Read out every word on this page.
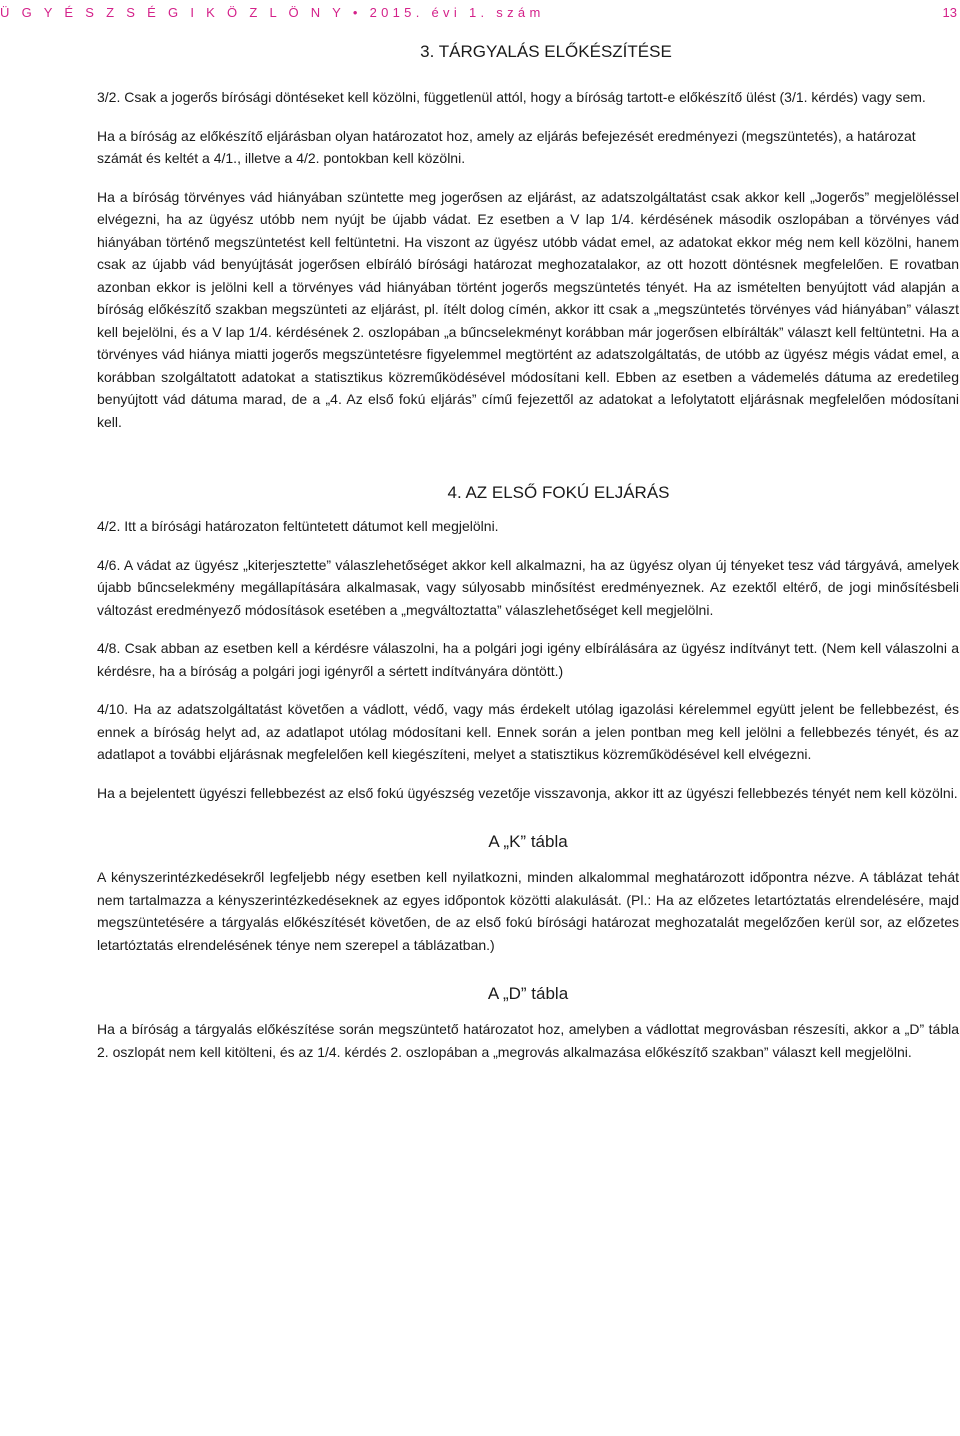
Ü G Y É S Z S É G I K Ö Z L Ö N Y • 2015. évi 1. szám	13
3. TÁRGYALÁS ELŐKÉSZÍTÉSE

3/2. Csak a jogerős bírósági döntéseket kell közölni, függetlenül attól, hogy a bíróság tartott-e előkészítő ülést (3/1. kérdés) vagy sem.

Ha a bíróság az előkészítő eljárásban olyan határozatot hoz, amely az eljárás befejezését eredményezi (megszüntetés), a határozat számát és keltét a 4/1., illetve a 4/2. pontokban kell közölni.

Ha a bíróság törvényes vád hiányában szüntette meg jogerősen az eljárást, az adatszolgáltatást csak akkor kell „Jogerős” megjelöléssel elvégezni, ha az ügyész utóbb nem nyújt be újabb vádat. Ez esetben a V lap 1/4. kérdésének második oszlopában a törvényes vád hiányában történő megszüntetést kell feltüntetni. Ha viszont az ügyész utóbb vádat emel, az adatokat ekkor még nem kell közölni, hanem csak az újabb vád benyújtását jogerősen elbíráló bírósági határozat meghozatalakor, az ott hozott döntésnek megfelelően. E rovatban azonban ekkor is jelölni kell a törvényes vád hiányában történt jogerős megszüntetés tényét. Ha az ismételten benyújtott vád alapján a bíróság előkészítő szakban megszünteti az eljárást, pl. ítélt dolog címén, akkor itt csak a „megszüntetés törvényes vád hiányában” választ kell bejelölni, és a V lap 1/4. kérdésének 2. oszlopában „a bűncselekményt korábban már jogerősen elbírálták” választ kell feltüntetni. Ha a törvényes vád hiánya miatti jogerős megszüntetésre figyelemmel megtörtént az adatszolgáltatás, de utóbb az ügyész mégis vádat emel, a korábban szolgáltatott adatokat a statisztikus közreműködésével módosítani kell. Ebben az esetben a vádemelés dátuma az eredetileg benyújtott vád dátuma marad, de a „4. Az első fokú eljárás” című fejezettől az adatokat a lefolytatott eljárásnak megfelelően módosítani kell.

4. AZ ELSŐ FOKÚ ELJÁRÁS

4/2. Itt a bírósági határozaton feltüntetett dátumot kell megjelölni.

4/6. A vádat az ügyész „kiterjesztette” válaszlehetőséget akkor kell alkalmazni, ha az ügyész olyan új tényeket tesz vád tárgyává, amelyek újabb bűncselekmény megállapítására alkalmasak, vagy súlyosabb minősítést eredményeznek. Az ezektől eltérő, de jogi minősítésbeli változást eredményező módosítások esetében a „megváltoztatta” válaszlehetőséget kell megjelölni.

4/8. Csak abban az esetben kell a kérdésre válaszolni, ha a polgári jogi igény elbírálására az ügyész indítványt tett. (Nem kell válaszolni a kérdésre, ha a bíróság a polgári jogi igényről a sértett indítványára döntött.)

4/10. Ha az adatszolgáltatást követően a vádlott, védő, vagy más érdekelt utólag igazolási kérelemmel együtt jelent be fellebbezést, és ennek a bíróság helyt ad, az adatlapot utólag módosítani kell. Ennek során a jelen pontban meg kell jelölni a fellebbezés tényét, és az adatlapot a további eljárásnak megfelelően kell kiegészíteni, melyet a statisztikus közreműködésével kell elvégezni.

Ha a bejelentett ügyészi fellebbezést az első fokú ügyészség vezetője visszavonja, akkor itt az ügyészi fellebbezés tényét nem kell közölni.

A „K” tábla

A kényszerintézkedésekről legfeljebb négy esetben kell nyilatkozni, minden alkalommal meghatározott időpontra nézve. A táblázat tehát nem tartalmazza a kényszerintézkedéseknek az egyes időpontok közötti alakulását. (Pl.: Ha az előzetes letartóztatás elrendelésére, majd megszüntetésére a tárgyalás előkészítését követően, de az első fokú bírósági határozat meghozatalát megelőzően kerül sor, az előzetes letartóztatás elrendelésének ténye nem szerepel a táblázatban.)

A „D” tábla

Ha a bíróság a tárgyalás előkészítése során megszüntető határozatot hoz, amelyben a vádlottat megrovásban részesíti, akkor a „D” tábla 2. oszlopát nem kell kitölteni, és az 1/4. kérdés 2. oszlopában a „megrovás alkalmazása előkészítő szakban” választ kell megjelölni.
